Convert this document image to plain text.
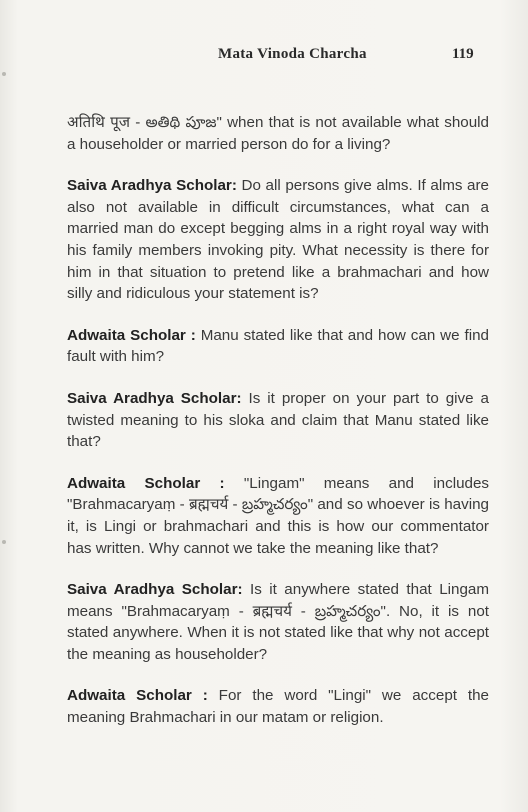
Mata Vinoda Charcha	119

अतिथि पूज - అతిథి పూజ" when that is not available what should a householder or married person do for a living?

Saiva Aradhya Scholar: Do all persons give alms. If alms are also not available in difficult circumstances, what can a married man do except begging alms in a right royal way with his family members invoking pity. What necessity is there for him in that situation to pretend like a brahmachari and how silly and ridiculous your statement is?

Adwaita Scholar : Manu stated like that and how can we find fault with him?

Saiva Aradhya Scholar: Is it proper on your part to give a twisted meaning to his sloka and claim that Manu stated like that?

Adwaita Scholar : "Lingam" means and includes "Brahmacaryaṃ - ब्रह्मचर्य - బ్రహ్మచర్యం" and so whoever is having it, is Lingi or brahmachari and this is how our commentator has written. Why cannot we take the meaning like that?

Saiva Aradhya Scholar: Is it anywhere stated that Lingam means "Brahmacaryaṃ - ब्रह्मचर्य - బ్రహ్మచర్యం". No, it is not stated anywhere. When it is not stated like that why not accept the meaning as householder?

Adwaita Scholar : For the word "Lingi" we accept the meaning Brahmachari in our matam or religion.
